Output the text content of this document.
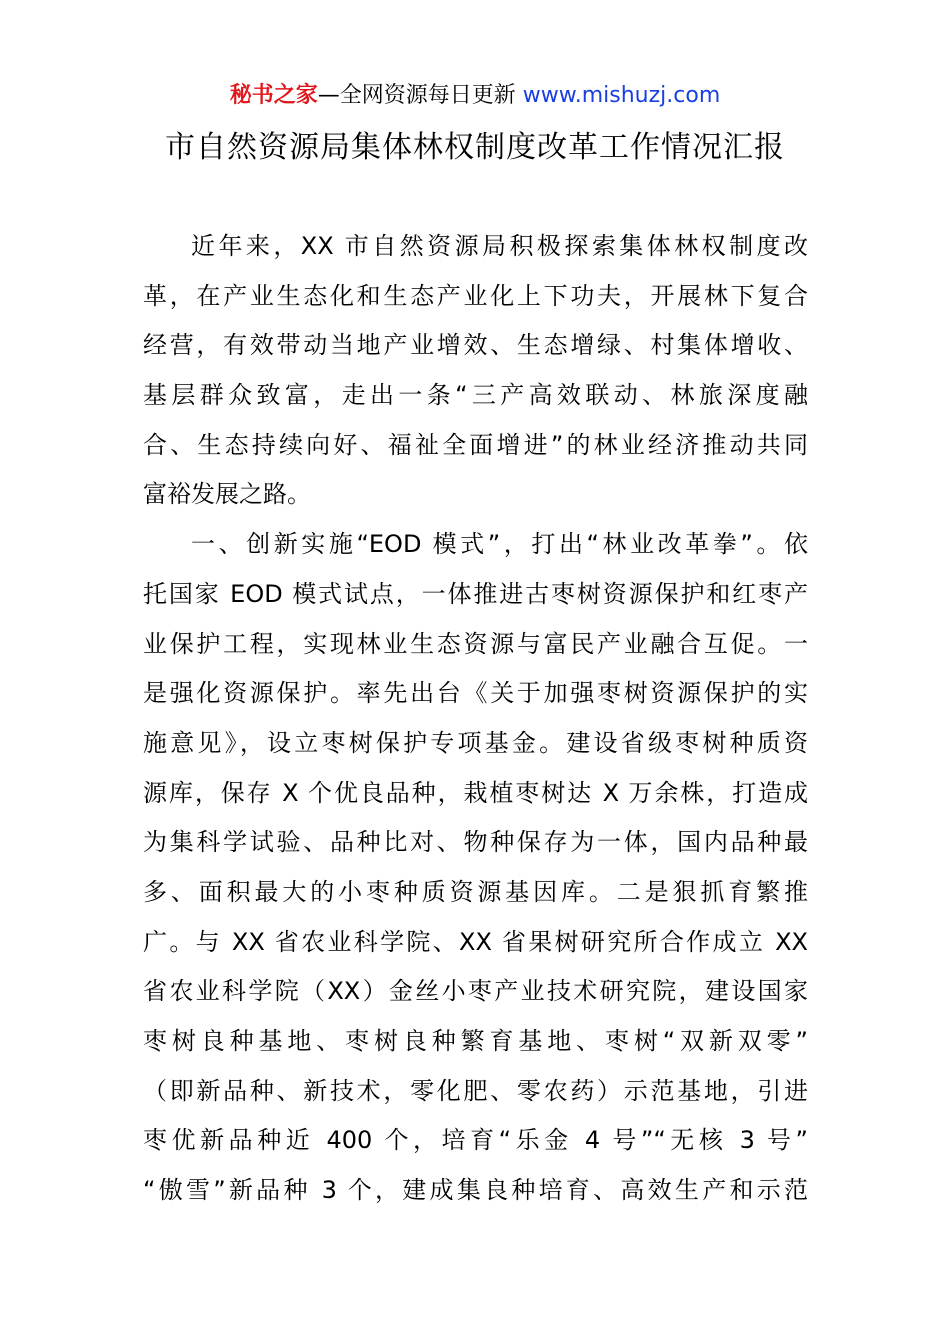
秘书之家—全网资源每日更新 www.mishuzj.com
市自然资源局集体林权制度改革工作情况汇报
近年来，XX 市自然资源局积极探索集体林权制度改
革，在产业生态化和生态产业化上下功夫，开展林下复合
经营，有效带动当地产业增效、生态增绿、村集体增收、
基层群众致富，走出一条“三产高效联动、林旅深度融
合、生态持续向好、福祉全面增进”的林业经济推动共同
富裕发展之路。
一、创新实施“EOD 模式”，打出“林业改革拳”。依
托国家 EOD 模式试点，一体推进古枣树资源保护和红枣产
业保护工程，实现林业生态资源与富民产业融合互促。一
是强化资源保护。率先出台《关于加强枣树资源保护的实
施意见》，设立枣树保护专项基金。建设省级枣树种质资
源库，保存 X 个优良品种，栽植枣树达 X 万余株，打造成
为集科学试验、品种比对、物种保存为一体，国内品种最
多、面积最大的小枣种质资源基因库。二是狠抓育繁推
广。与 XX 省农业科学院、XX 省果树研究所合作成立 XX
省农业科学院（XX）金丝小枣产业技术研究院，建设国家
枣树良种基地、枣树良种繁育基地、枣树“双新双零”
（即新品种、新技术，零化肥、零农药）示范基地，引进
枣优新品种近 400 个，培育“乐金 4 号”“无核 3 号”
“傲雪”新品种 3 个，建成集良种培育、高效生产和示范
